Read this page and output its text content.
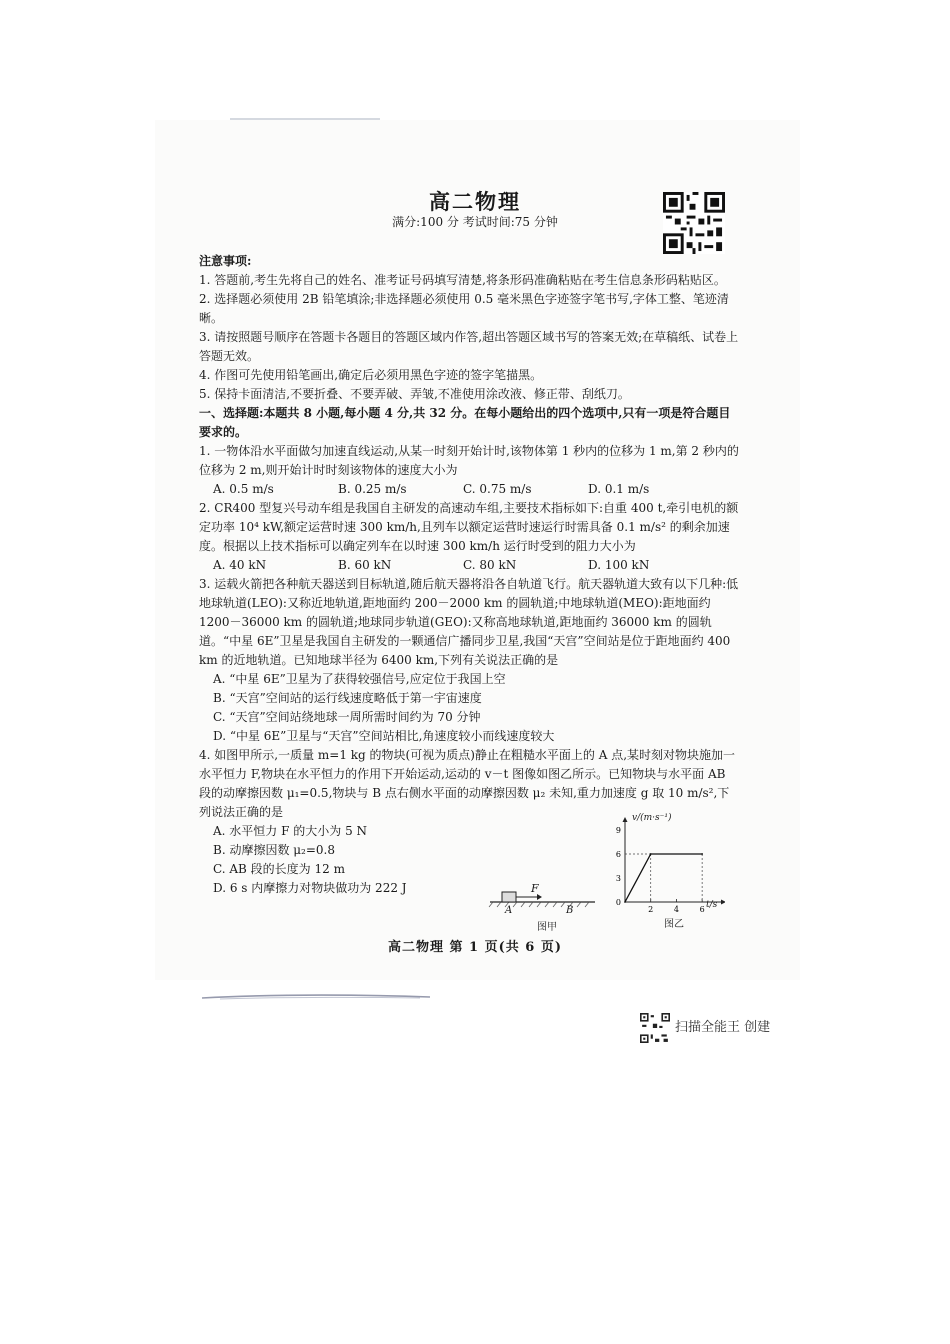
高二物理
满分:100 分 考试时间:75 分钟

注意事项:

1. 答题前,考生先将自己的姓名、准考证号码填写清楚,将条形码准确粘贴在考生信息条形码粘贴区。

2. 选择题必须使用 2B 铅笔填涂;非选择题必须使用 0.5 毫米黑色字迹签字笔书写,字体工整、笔迹清晰。

3. 请按照题号顺序在答题卡各题目的答题区域内作答,超出答题区域书写的答案无效;在草稿纸、试卷上答题无效。

4. 作图可先使用铅笔画出,确定后必须用黑色字迹的签字笔描黑。

5. 保持卡面清洁,不要折叠、不要弄破、弄皱,不准使用涂改液、修正带、刮纸刀。

一、选择题:本题共 8 小题,每小题 4 分,共 32 分。在每小题给出的四个选项中,只有一项是符合题目要求的。

1. 一物体沿水平面做匀加速直线运动,从某一时刻开始计时,该物体第 1 秒内的位移为 1 m,第 2 秒内的位移为 2 m,则开始计时时刻该物体的速度大小为

A. 0.5 m/s	B. 0.25 m/s	C. 0.75 m/s	D. 0.1 m/s

2. CR400 型复兴号动车组是我国自主研发的高速动车组,主要技术指标如下:自重 400 t,牵引电机的额定功率 10⁴ kW,额定运营时速 300 km/h,且列车以额定运营时速运行时需具备 0.1 m/s² 的剩余加速度。根据以上技术指标可以确定列车在以时速 300 km/h 运行时受到的阻力大小为

A. 40 kN	B. 60 kN	C. 80 kN	D. 100 kN

3. 运载火箭把各种航天器送到目标轨道,随后航天器将沿各自轨道飞行。航天器轨道大致有以下几种:低地球轨道(LEO):又称近地轨道,距地面约 200－2000 km 的圆轨道;中地球轨道(MEO):距地面约 1200－36000 km 的圆轨道;地球同步轨道(GEO):又称高地球轨道,距地面约 36000 km 的圆轨道。“中星 6E”卫星是我国自主研发的一颗通信广播同步卫星,我国“天宫”空间站是位于距地面约 400 km 的近地轨道。已知地球半径为 6400 km,下列有关说法正确的是

A. “中星 6E”卫星为了获得较强信号,应定位于我国上空

B. “天宫”空间站的运行线速度略低于第一宇宙速度

C. “天宫”空间站绕地球一周所需时间约为 70 分钟

D. “中星 6E”卫星与“天宫”空间站相比,角速度较小而线速度较大

4. 如图甲所示,一质量 m=1 kg 的物块(可视为质点)静止在粗糙水平面上的 A 点,某时刻对物块施加一水平恒力 F,物块在水平恒力的作用下开始运动,运动的 v－t 图像如图乙所示。已知物块与水平面 AB 段的动摩擦因数 μ₁=0.5,物块与 B 点右侧水平面的动摩擦因数 μ₂ 未知,重力加速度 g 取 10 m/s²,下列说法正确的是

A. 水平恒力 F 的大小为 5 N

B. 动摩擦因数 μ₂=0.8

C. AB 段的长度为 12 m

D. 6 s 内摩擦力对物块做功为 222 J	F
A	B
图甲
9
6
3
0
2	4	6
v/(m·s⁻¹)
t/s
图乙
高二物理 第 1 页(共 6 页)
扫描全能王 创建
